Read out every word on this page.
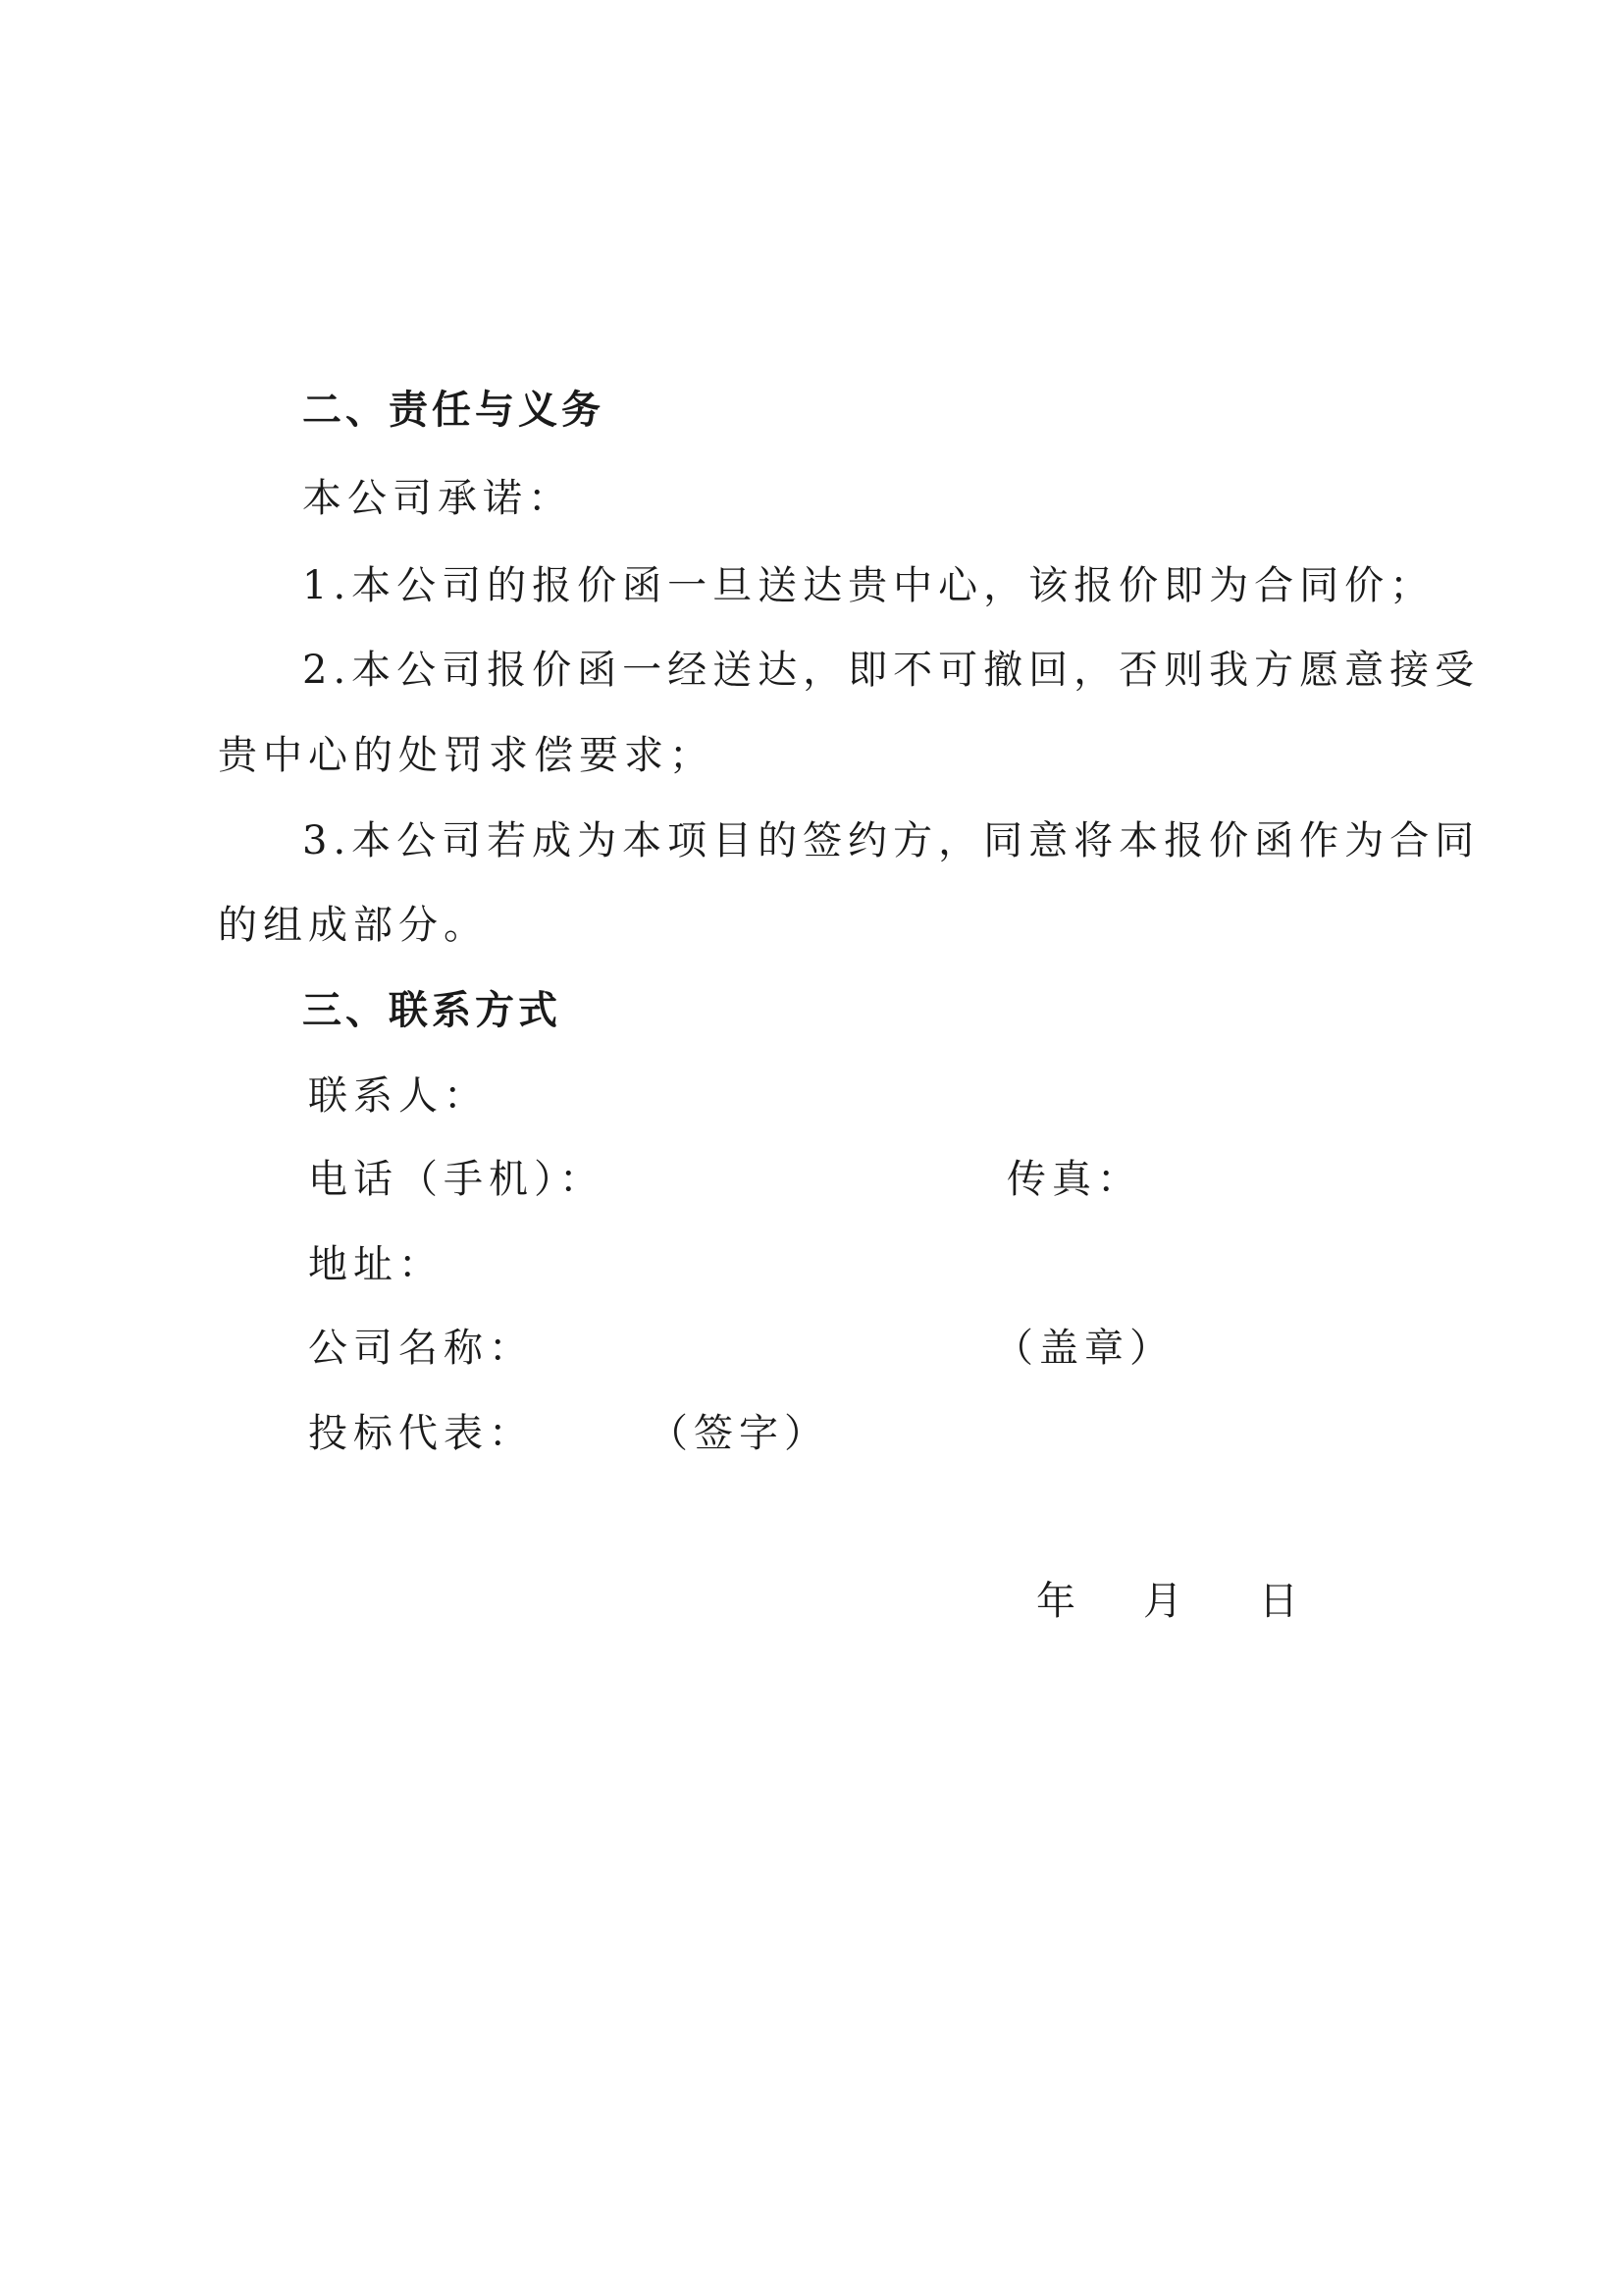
二、责任与义务
本公司承诺：
1.本公司的报价函一旦送达贵中心，该报价即为合同价；
2.本公司报价函一经送达，即不可撤回，否则我方愿意接受
贵中心的处罚求偿要求；
3.本公司若成为本项目的签约方，同意将本报价函作为合同
的组成部分。
三、联系方式
联系人：
电话（手机）：	传真：
地址：
公司名称：	（盖章）
投标代表：	（签字）
年 月 日
